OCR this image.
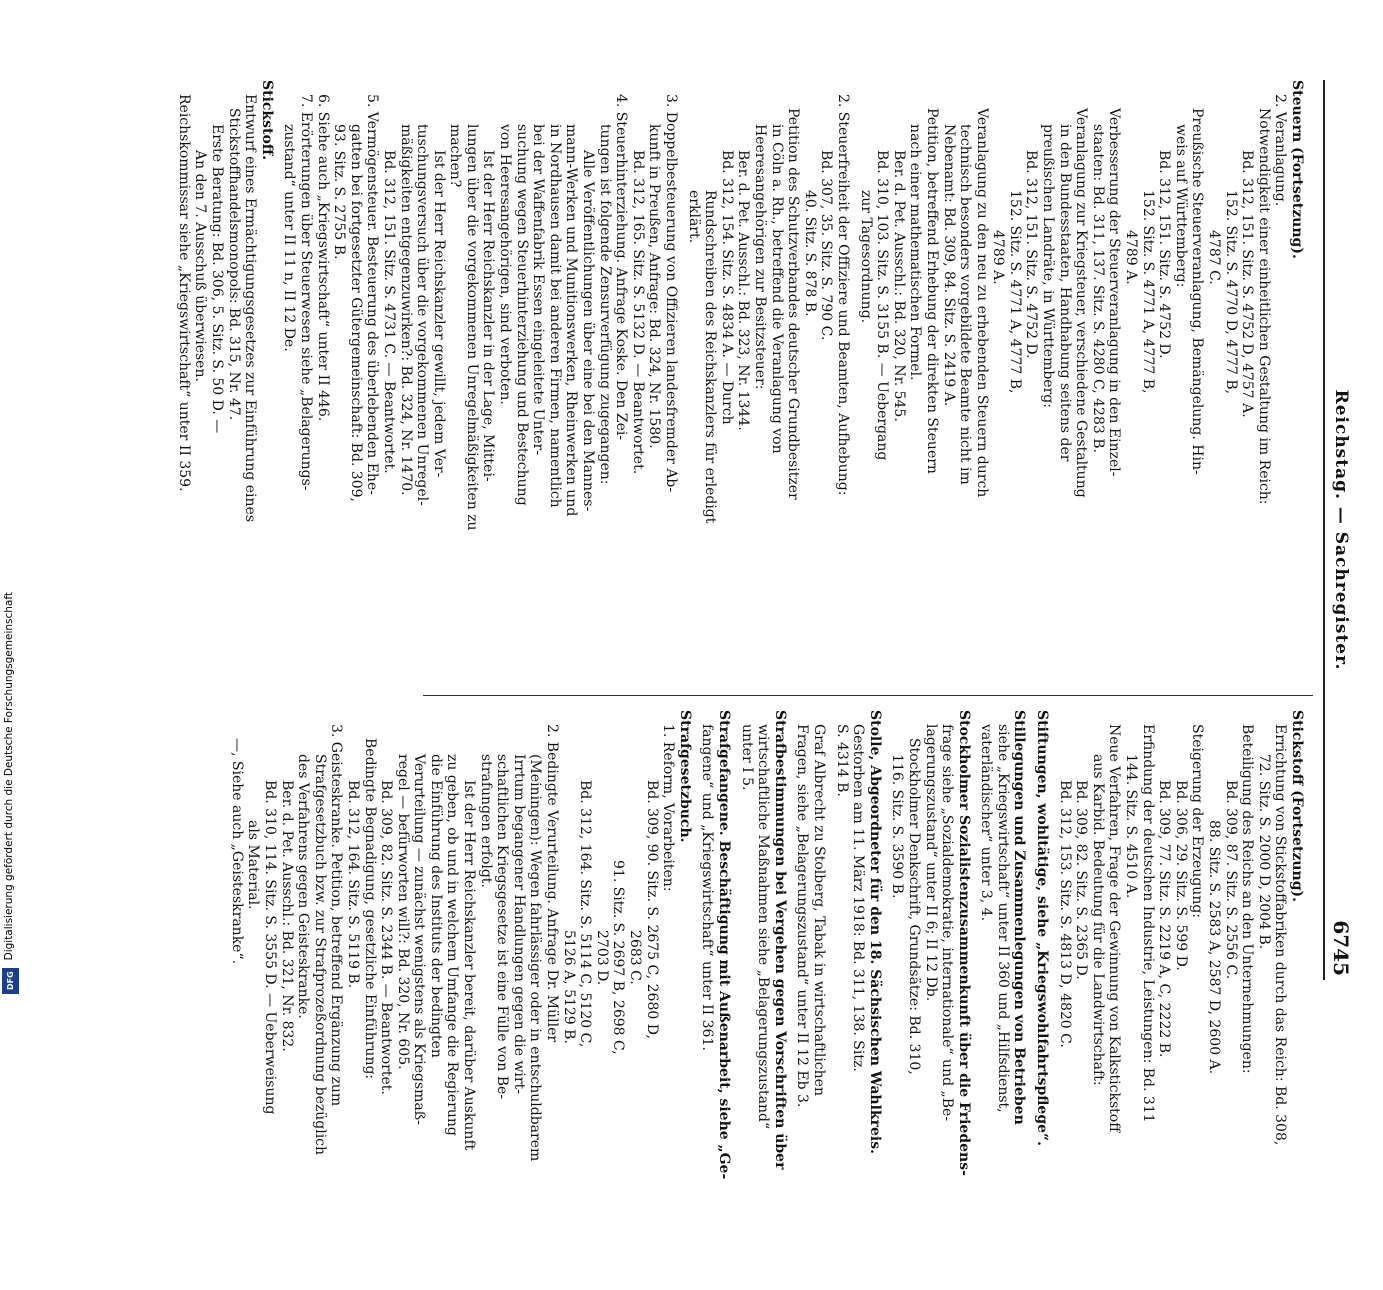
Reichstag. — Sachregister.
6745
Steuern (Fortsetzung).
2. Veranlagung.
Notwendigkeit einer einheitlichen Gestaltung im Reich:
Bd. 312, 151. Sitz. S. 4752 D, 4757 A.
152. Sitz. S. 4770 D, 4777 B,
4787 C.
Preußische Steuerveranlagung, Bemängelung. Hin-
weis auf Württemberg:
Bd. 312, 151. Sitz. S. 4752 D.
152. Sitz. S. 4771 A, 4777 B,
4789 A.
Verbesserung der Steuerveranlagung in den Einzel-
staaten: Bd. 311, 137. Sitz. S. 4280 C, 4283 B.
Veranlagung zur Kriegsteuer, verschiedene Gestaltung
in den Bundesstaaten, Handhabung seitens der
preußischen Landräte, in Württemberg:
Bd. 312, 151. Sitz. S. 4752 D.
152. Sitz. S. 4771 A, 4777 B,
4789 A.
Veranlagung zu den neu zu erhebenden Steuern durch
technisch besonders vorgebildete Beamte nicht im
Nebenamt: Bd. 309, 84. Sitz. S. 2419 A.
Petition, betreffend Erhebung der direkten Steuern
nach einer mathematischen Formel.
Ber. d. Pet. Ausschl.: Bd. 320, Nr. 545.
Bd. 310, 103. Sitz. S. 3155 B. — Uebergang
zur Tagesordnung.
2. Steuerfreiheit der Offiziere und Beamten, Aufhebung:
Bd. 307, 35. Sitz. S. 790 C.
40. Sitz. S. 878 B.
Petition des Schutzverbandes deutscher Grundbesitzer
in Cöln a. Rh., betreffend die Veranlagung von
Heeresangehörigen zur Besitzsteuer:
Ber. d. Pet. Ausschl.: Bd. 323, Nr. 1344.
Bd. 312, 154. Sitz. S. 4834 A. — Durch
Rundschreiben des Reichskanzlers für erledigt
erklärt.
3. Doppelbesteuerung von Offizieren landesfremder Ab-
kunft in Preußen, Anfrage: Bd. 324, Nr. 1580.
Bd. 312, 165. Sitz. S. 5132 D. — Beantwortet.
4. Steuerhinterziehung. Anfrage Koske. Den Zei-
tungen ist folgende Zensurverfügung zugegangen:
Alle Veröffentlichungen über eine bei den Mannes-
mann-Werken und Munitionswerken, Rheinwerken und
in Nordhausen damit bei anderen Firmen, namentlich
bei der Waffenfabrik Essen eingeleitete Unter-
suchung wegen Steuerhinterziehung und Bestechung
von Heeresangehörigen, sind verboten.
Ist der Herr Reichskanzler in der Lage, Mittei-
lungen über die vorgekommenen Unregelmäßigkeiten zu
machen?
Ist der Herr Reichskanzler gewillt, jedem Ver-
tuschungsversuch über die vorgekommenen Unregel-
mäßigkeiten entgegenzuwirken?: Bd. 324, Nr. 1470.
Bd. 312, 151. Sitz. S. 4731 C. — Beantwortet.
5. Vermögensteuer. Besteuerung des überlebenden Ehe-
gatten bei fortgesetzter Gütergemeinschaft: Bd. 309,
93. Sitz. S. 2755 B.
6. Siehe auch „Kriegswirtschaft“ unter II 446.
7. Erörterungen über Steuerwesen siehe „Belagerungs-
zustand“ unter II 11 n, II 12 De.
Stickstoff.
Entwurf eines Ermächtigungsgesetzes zur Einführung eines
Stickstoffhandelsmonopols: Bd. 315, Nr. 47.
Erste Beratung: Bd. 306, 5. Sitz. S. 50 D. —
An den 7. Ausschuß überwiesen.
Reichskommissar siehe „Kriegswirtschaft“ unter II 359.
Stickstoff (Fortsetzung).
Errichtung von Stickstoffabriken durch das Reich: Bd. 308,
72. Sitz. S. 2000 D, 2004 B.
Beteiligung des Reichs an den Unternehmungen:
Bd. 309, 87. Sitz. S. 2556 C.
88. Sitz. S. 2583 A, 2587 D, 2600 A.
Steigerung der Erzeugung:
Bd. 306, 29. Sitz. S. 599 D.
Bd. 309, 77. Sitz. S. 2219 A, C, 2222 B.
Erfindung der deutschen Industrie, Leistungen: Bd. 311
144. Sitz. S. 4510 A.
Neue Verfahren, Frage der Gewinnung von Kalkstickstoff
aus Karbid. Bedeutung für die Landwirtschaft:
Bd. 309, 82. Sitz. S. 2365 D.
Bd. 312, 153. Sitz. S. 4813 D, 4820 C.
Stiftungen, wohltätige, siehe „Kriegswohlfahrtspflege“.
Stillegungen und Zusammenlegungen von Betrieben
siehe „Kriegswirtschaft“ unter II 360 und „Hilfsdienst,
vaterländischer“ unter 3, 4.
Stockholmer Sozialistenzusammenkunft über die Friedens-
frage siehe „Sozialdemokratie, internationale“ und „Be-
lagerungszustand“ unter II 6; II 12 Db.
Stockholmer Denkschrift, Grundsätze: Bd. 310,
116. Sitz. S. 3590 B.
Stolle, Abgeordneter für den 18. Sächsischen Wahlkreis.
Gestorben am 11. März 1918: Bd. 311, 138. Sitz.
S. 4314 B.
Graf Albrecht zu Stolberg, Tabak in wirtschaftlichen
Fragen, siehe „Belagerungszustand“ unter II 12 Eb 3.
Strafbestimmungen bei Vergehen gegen Vorschriften über
wirtschaftliche Maßnahmen siehe „Belagerungszustand“
unter I 5.
Strafgefangene. Beschäftigung mit Außenarbeit, siehe „Ge-
fangene“ und „Kriegswirtschaft“ unter II 361.
Strafgesetzbuch.
1. Reform, Vorarbeiten:
Bd. 309, 90. Sitz. S. 2675 C, 2680 D,
2683 C.
91. Sitz. S. 2697 B, 2698 C,
2703 D.
Bd. 312, 164. Sitz. S. 5114 C, 5120 C,
5126 A, 5129 B.
2. Bedingte Verurteilung. Anfrage Dr. Müller
(Meiningen): Wegen fahrlässiger oder in entschuldbarem
Irrtum begangener Handlungen gegen die wirt-
schaftlichen Kriegsgesetze ist eine Fülle von Be-
strafungen erfolgt.
Ist der Herr Reichskanzler bereit, darüber Auskunft
zu geben, ob und in welchem Umfange die Regierung
die Einführung des Instituts der bedingten
Verurteilung — zunächst wenigstens als Kriegsmaß-
regel — befürworten will?: Bd. 320, Nr. 605.
Bd. 309, 82. Sitz. S. 2344 B. — Beantwortet.
Bedingte Begnadigung, gesetzliche Einführung:
Bd. 312, 164. Sitz. S. 5119 B.
3. Geisteskranke. Petition, betreffend Ergänzung zum
Strafgesetzbuch bzw. zur Strafprozeßordnung bezüglich
des Verfahrens gegen Geisteskranke.
Ber. d. Pet. Ausschl.: Bd. 321, Nr. 832.
Bd. 310, 114. Sitz. S. 3555 D. — Ueberweisung
als Material.
—, Siehe auch „Geisteskranke“.
Digitalisierung gefördert durch die Deutsche Forschungsgemeinschaft
DFG
